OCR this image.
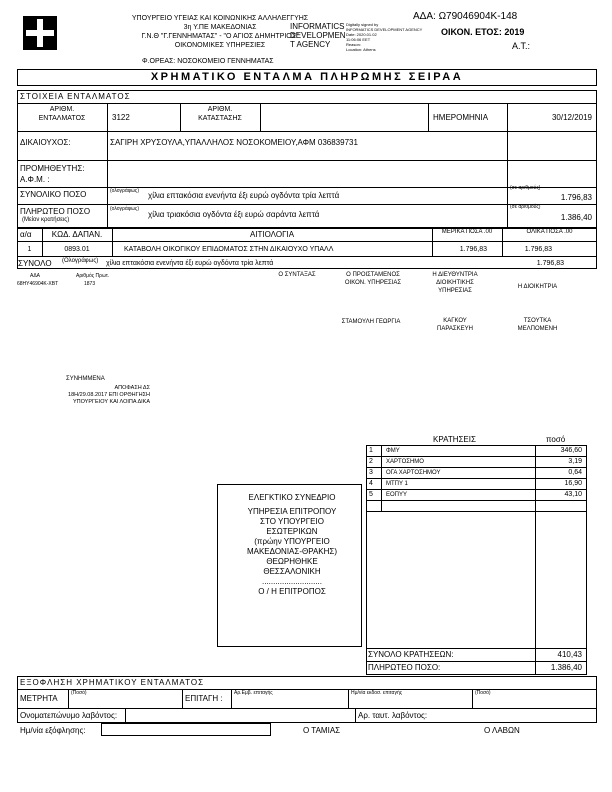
ΥΠΟΥΡΓΕΙΟ ΥΓΕΙΑΣ ΚΑΙ ΚΟΙΝΩΝΙΚΗΣ ΑΛΛΗΛΕΓΓΥΗΣ
3η Υ.ΠΕ ΜΑΚΕΔΟΝΙΑΣ
Γ.Ν.Θ "Γ.ΓΕΝΝΗΜΑΤΑΣ" - "Ο ΑΓΙΟΣ ΔΗΜΗΤΡΙΟΣ"
ΟΙΚΟΝΟΜΙΚΕΣ ΥΠΗΡΕΣΙΕΣ
INFORMATICS
DEVELOPMEN
T AGENCY
Digitally signed by
INFORMATICS DEVELOPMENT AGENCY
Date: 2020.01.02
11:06:06 EET
Reason:
Location: Athens
ΑΔΑ: Ω79046904Κ-148
ΟΙΚΟΝ. ΕΤΟΣ: 2019
Α.Τ.:
Φ.ΟΡΕΑΣ: ΝΟΣΟΚΟΜΕΙΟ ΓΕΝΝΗΜΑΤΑΣ
ΧΡΗΜΑΤΙΚΟ ΕΝΤΑΛΜΑ ΠΛΗΡΩΜΗΣ ΣΕΙΡΑΑ
ΣΤΟΙΧΕΙΑ ΕΝΤΑΛΜΑΤΟΣ
ΑΡΙΘΜ.
ΕΝΤΑΛΜΑΤΟΣ	3122
ΑΡΙΘΜ.
ΚΑΤΑΣΤΑΣΗΣ	ΗΜΕΡΟΜΗΝΙΑ	30/12/2019
ΔΙΚΑΙΟΥΧΟΣ:	ΣΑΓΙΡΗ ΧΡΥΣΟΥΛΑ,ΥΠΑΛΛΗΛΟΣ ΝΟΣΟΚΟΜΕΙΟΥ,ΑΦΜ 036839731
ΠΡΟΜΗΘΕΥΤΗΣ:
Α.Φ.Μ. :
ΣΥΝΟΛΙΚΟ ΠΟΣΟ	(ολογράφως) χίλια επτακόσια ενενήντα έξι ευρώ ογδόντα τρία λεπτά
(σε αριθμούς)
1.796,83
ΠΛΗΡΩΤΕΟ ΠΟΣΟ
(Μείον κρατήσεις)
(ολογράφως)
χίλια τριακόσια ογδόντα έξι ευρώ σαράντα λεπτά
(σε αριθμούς)
1.386,40
α/α	ΚΩΔ. ΔΑΠΑΝ.	ΑΙΤΙΟΛΟΓΙΑ	ΜΕΡΙΚΑ ΠΟΣΑ .00	ΟΛΙΚΑ ΠΟΣΑ .00
1	0893.01	ΚΑΤΑΒΟΛΗ ΟΙΚΟΓΙΚΟΥ ΕΠΙΔΟΜΑΤΟΣ ΣΤΗΝ ΔΙΚΑΙΟΥΧΟ ΥΠΑΛΛ	1.796,83	1.796,83
ΣΥΝΟΛΟ (Ολογράφως) χίλια επτακόσια ενενήντα έξι ευρώ ογδόντα τρία λεπτά	1.796,83
ΑΔΑ
68ΗΥ46904Κ-ΧΒΤ
Αριθμός Πρωτ.
1873
Ο ΣΥΝΤΑΞΑΣ	Ο ΠΡΟΙΣΤΑΜΕΝΟΣ
ΟΙΚΟΝ. ΥΠΗΡΕΣΙΑΣ
Η ΔΙΕΥΘΥΝΤΡΙΑ
ΔΙΟΙΚΗΤΙΚΗΣ
ΥΠΗΡΕΣΙΑΣ
Η ΔΙΟΙΚΗΤΡΙΑ
ΣΤΑΜΟΥΛΗ ΓΕΩΡΓΙΑ	ΚΑΓΚΟΥ
ΠΑΡΑΣΚΕΥΗ
ΤΣΟΥΤΚΑ
ΜΕΛΠΟΜΕΝΗ
ΣΥΝΗΜΜΕΝΑ
ΑΠΟΦΑΣΗ ΔΣ
18Η/29.08.2017 ΕΠΙ ΟΡΘΗΓΗΣΗ
ΥΠΟΥΡΓΕΙΟΥ ΚΑΙ ΛΟΙΠΑ ΔΙΚΑ
ΕΛΕΓΚΤΙΚΟ ΣΥΝΕΔΡΙΟ
ΥΠΗΡΕΣΙΑ ΕΠΙΤΡΟΠΟΥ
ΣΤΟ ΥΠΟΥΡΓΕΙΟ
ΕΣΩΤΕΡΙΚΩΝ
(πρώην ΥΠΟΥΡΓΕΙΟ
ΜΑΚΕΔΟΝΙΑΣ-ΘΡΑΚΗΣ)
ΘΕΩΡΗΘΗΚΕ
ΘΕΣΣΑΛΟΝΙΚΗ
...........................
Ο / Η ΕΠΙΤΡΟΠΟΣ
ΚΡΑΤΗΣΕΙΣ	ποσό
1 ΦΜΥ	346,60
2 ΧΑΡΤΟΣΗΜΟ	3,19
3 ΟΓΑ ΧΑΡΤΟΣΗΜΟΥ	0,64
4 ΜΤΠΥ 1	16,90
5 ΕΟΠΥΥ	43,10
ΣΥΝΟΛΟ ΚΡΑΤΗΣΕΩΝ:	410,43
ΠΛΗΡΩΤΕΟ ΠΟΣΟ:	1.386,40
ΕΞΟΦΛΗΣΗ ΧΡΗΜΑΤΙΚΟΥ ΕΝΤΑΛΜΑΤΟΣ
ΜΕΤΡΗΤΑ
(Ποσό)
ΕΠΙΤΑΓΗ :
Αρ.Εμβ. επιταγής	Ημ/νία εκδοσ. επιταγής	(Ποσό)
Ονοματεπώνυμο λαβόντος:	Αρ. ταυτ. λαβόντος:
Ημ/νία εξόφλησης:	Ο ΤΑΜΙΑΣ	Ο ΛΑΒΩΝ
